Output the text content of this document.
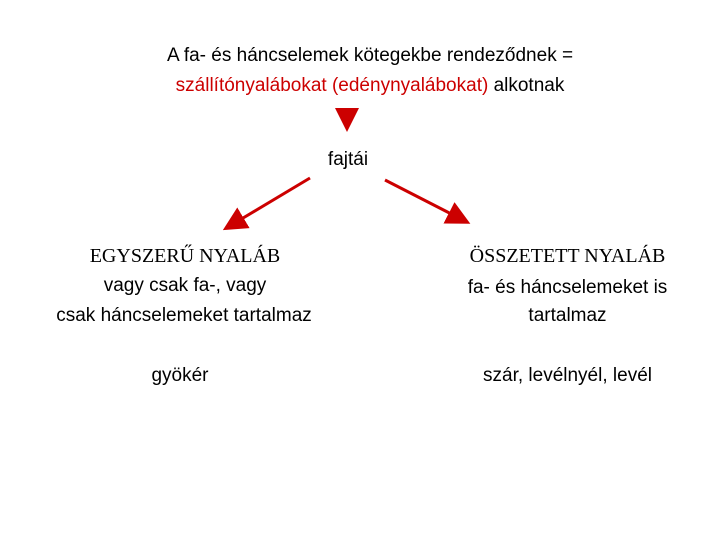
A fa- és háncselemek kötegekbe rendeződnek =
szállítónyalábokat (edénynyalábokat) alkotnak
fajtái
EGYSZERŰ NYALÁB
vagy csak fa-, vagy
csak háncselemeket tartalmaz
gyökér
ÖSSZETETT NYALÁB
fa- és háncselemeket is
tartalmaz
szár, levélnyél, levél
